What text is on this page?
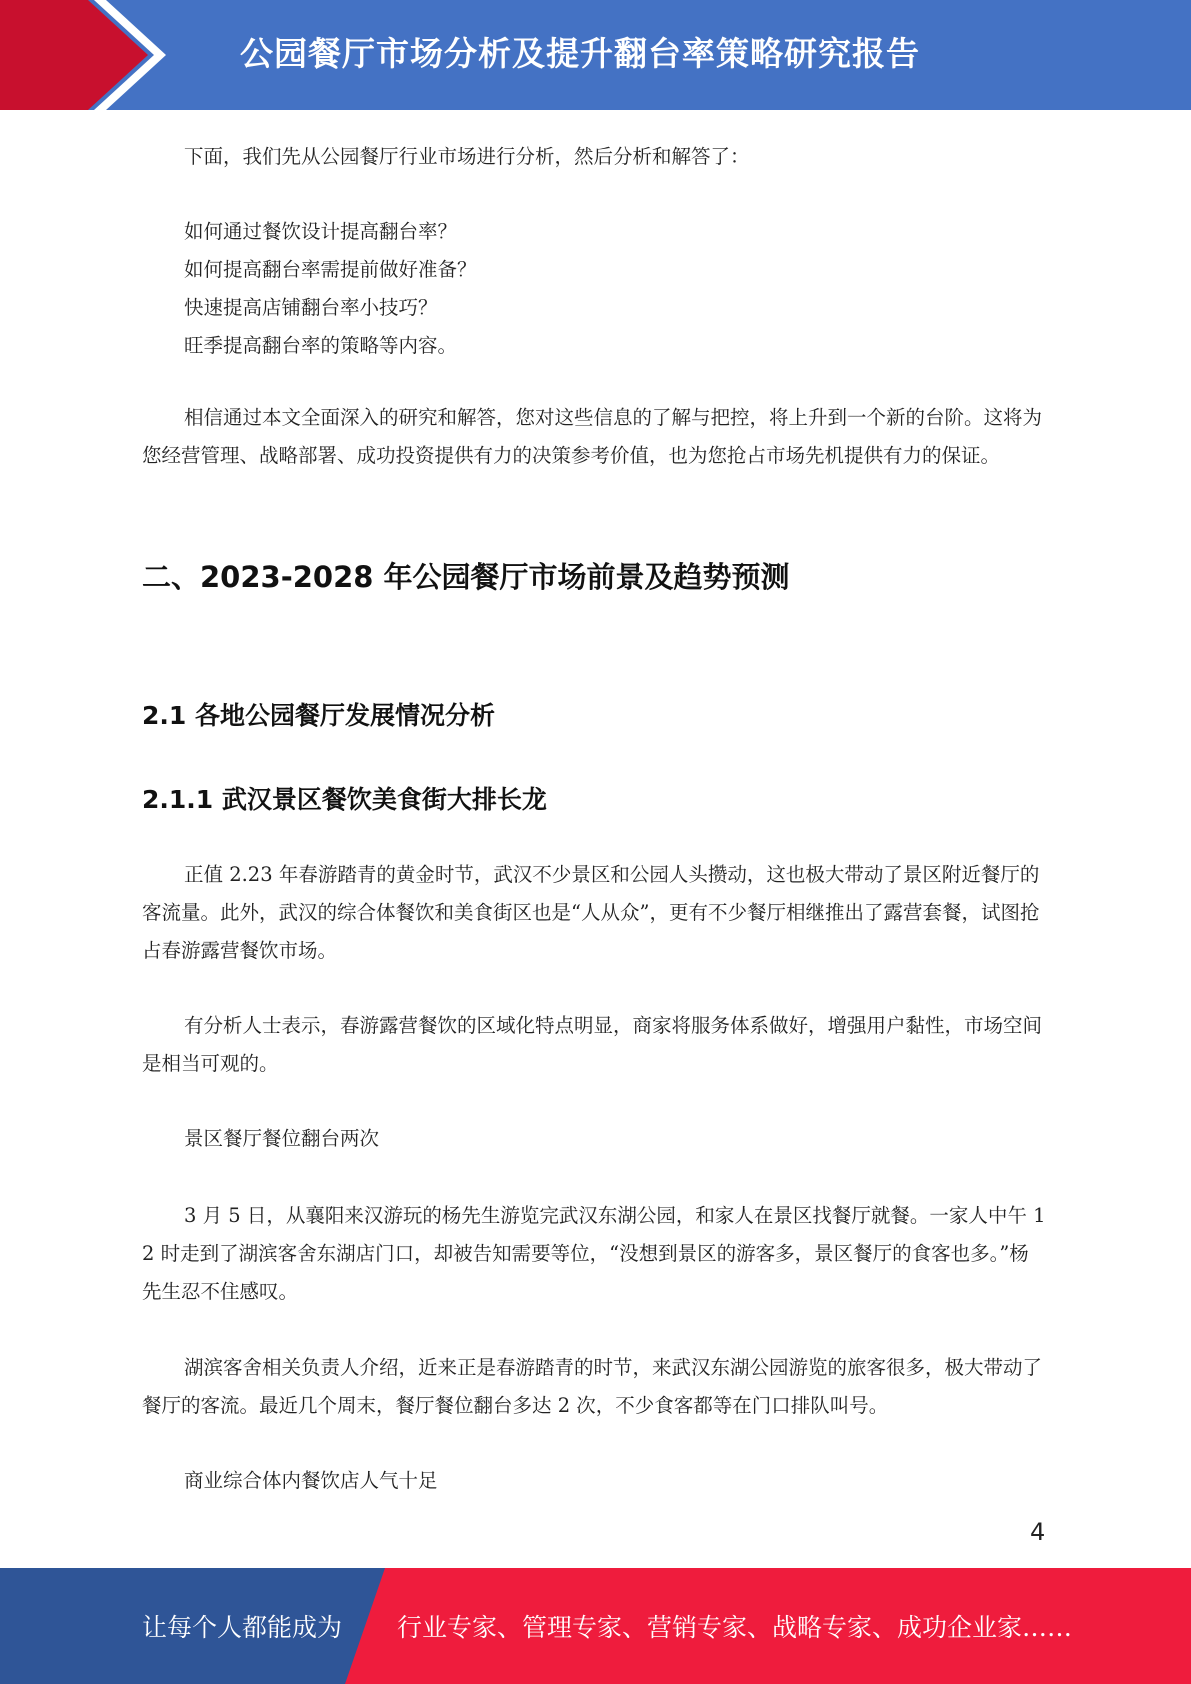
公园餐厅市场分析及提升翻台率策略研究报告

下面，我们先从公园餐厅行业市场进行分析，然后分析和解答了：

如何通过餐饮设计提高翻台率？

如何提高翻台率需提前做好准备？

快速提高店铺翻台率小技巧？

旺季提高翻台率的策略等内容。

相信通过本文全面深入的研究和解答，您对这些信息的了解与把控，将上升到一个新的台阶。这将为您经营管理、战略部署、成功投资提供有力的决策参考价值，也为您抢占市场先机提供有力的保证。

二、2023-2028 年公园餐厅市场前景及趋势预测
2.1 各地公园餐厅发展情况分析
2.1.1 武汉景区餐饮美食街大排长龙

正值 2.23 年春游踏青的黄金时节，武汉不少景区和公园人头攒动，这也极大带动了景区附近餐厅的客流量。此外，武汉的综合体餐饮和美食街区也是“人从众”，更有不少餐厅相继推出了露营套餐，试图抢占春游露营餐饮市场。

有分析人士表示，春游露营餐饮的区域化特点明显，商家将服务体系做好，增强用户黏性，市场空间是相当可观的。

景区餐厅餐位翻台两次

3 月 5 日，从襄阳来汉游玩的杨先生游览完武汉东湖公园，和家人在景区找餐厅就餐。一家人中午 12 时走到了湖滨客舍东湖店门口，却被告知需要等位，“没想到景区的游客多，景区餐厅的食客也多。”杨先生忍不住感叹。

湖滨客舍相关负责人介绍，近来正是春游踏青的时节，来武汉东湖公园游览的旅客很多，极大带动了餐厅的客流。最近几个周末，餐厅餐位翻台多达 2 次，不少食客都等在门口排队叫号。

商业综合体内餐饮店人气十足

4
让每个人都能成为 行业专家、管理专家、营销专家、战略专家、成功企业家……
